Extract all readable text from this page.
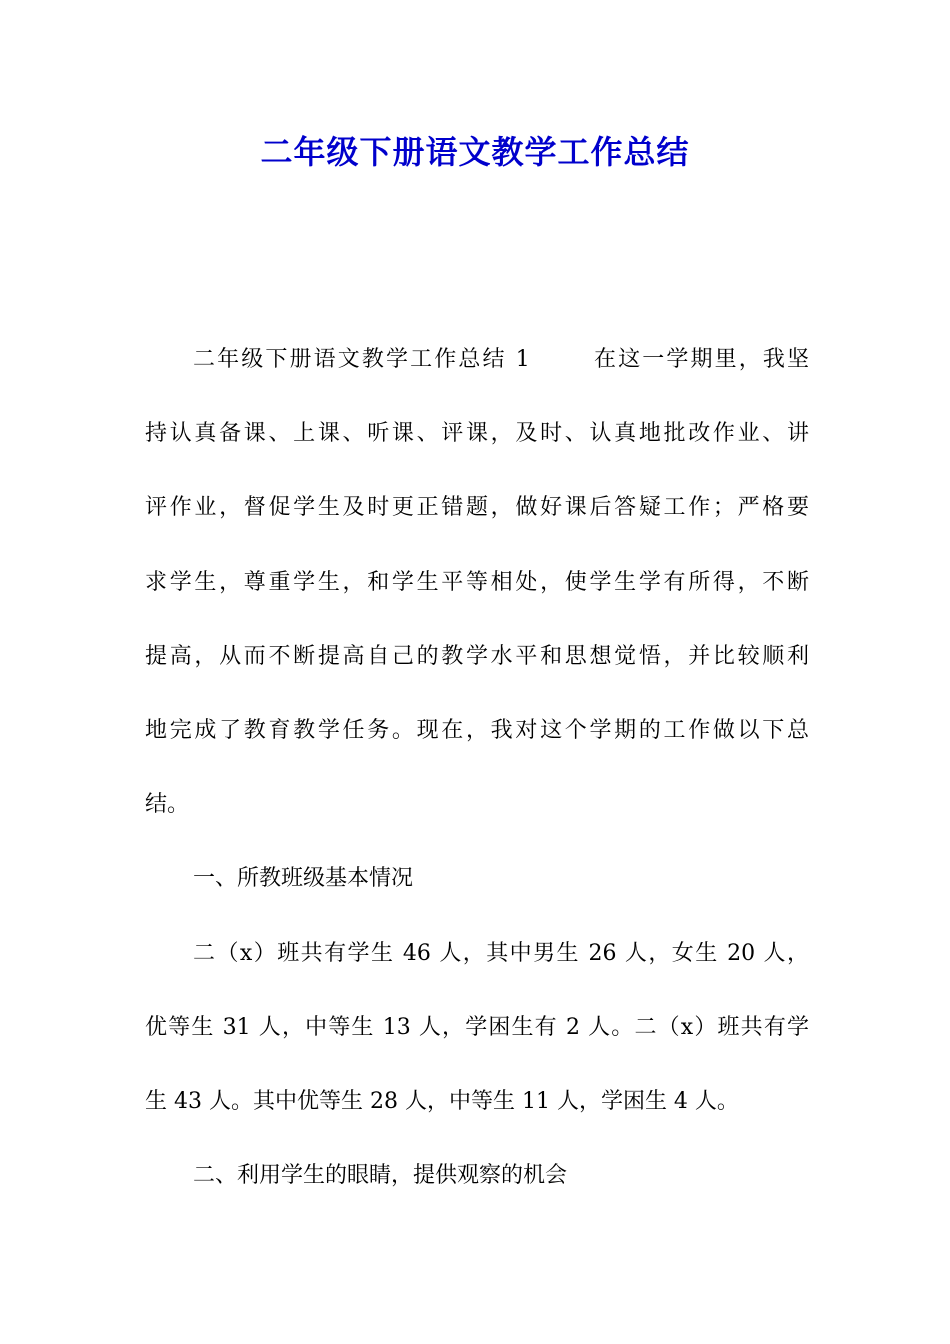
二年级下册语文教学工作总结
二年级下册语文教学工作总结 1	在这一学期里，我坚
持认真备课、上课、听课、评课，及时、认真地批改作业、讲
评作业，督促学生及时更正错题，做好课后答疑工作；严格要
求学生，尊重学生，和学生平等相处，使学生学有所得，不断
提高，从而不断提高自己的教学水平和思想觉悟，并比较顺利
地完成了教育教学任务。现在，我对这个学期的工作做以下总
结。
一、所教班级基本情况
二（x）班共有学生 46 人，其中男生 26 人，女生 20 人，
优等生 31 人，中等生 13 人，学困生有 2 人。二（x）班共有学
生 43 人。其中优等生 28 人，中等生 11 人，学困生 4 人。
二、利用学生的眼睛，提供观察的机会
